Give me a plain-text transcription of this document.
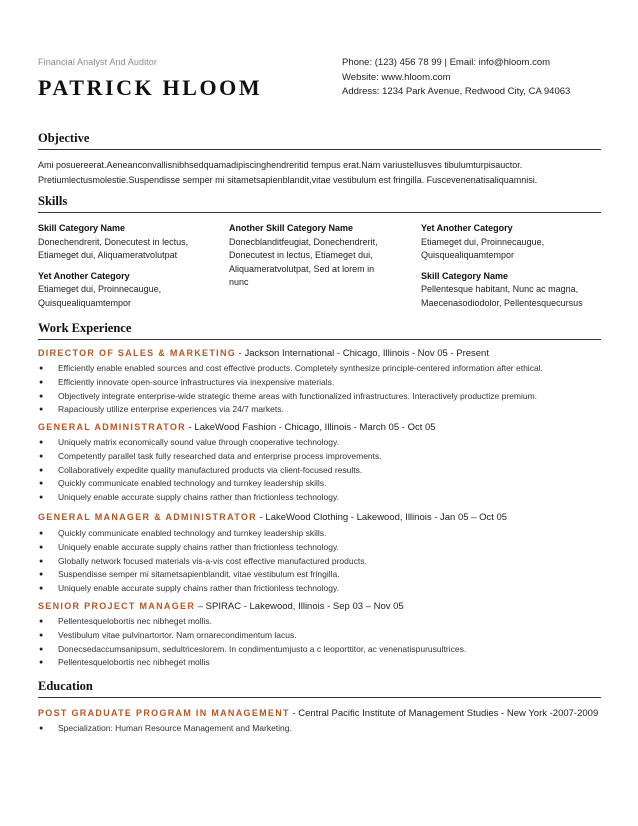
Financial Analyst And Auditor
PATRICK HLOOM
Phone: (123) 456 78 99 | Email: info@hloom.com
Website: www.hloom.com
Address: 1234 Park Avenue, Redwood City, CA 94063
Objective
Ami posuereerat.Aeneanconvallisnibhsedquamadipiscinghendreritid tempus erat.Nam variustellusves tibulumturpisauctor.
Pretiumlectusmolestie.Suspendisse semper mi sitametsapienblandit,vitae vestibulum est fringilla. Fuscevenenatisaliquamnisi.
Skills
Skill Category Name
Donechendrerit, Donecutest in lectus,
Etiameget dui, Aliquameratvolutpat
Yet Another Category
Etiameget dui, Proinnecaugue,
Quisquealiquamtempor
Another Skill Category Name
Donecblanditfeugiat, Donechendrerit,
Donecutest in lectus, Etiameget dui,
Aliquameratvolutpat, Sed at lorem in
nunc
Yet Another Category
Etiameget dui, Proinnecaugue,
Quisquealiquamtempor
Skill Category Name
Pellentesque habitant, Nunc ac magna,
Maecenasodiodolor, Pellentesquecursus
Work Experience
DIRECTOR OF SALES & MARKETING - Jackson International - Chicago, Illinois - Nov 05 - Present
● Efficiently enable enabled sources and cost effective products. Completely synthesize principle-centered information after ethical.
● Efficiently innovate open-source infrastructures via inexpensive materials.
● Objectively integrate enterprise-wide strategic theme areas with functionalized infrastructures. Interactively productize premium.
● Rapaciously utilize enterprise experiences via 24/7 markets.
GENERAL ADMINISTRATOR - LakeWood Fashion - Chicago, Illinois - March 05 - Oct 05
● Uniquely matrix economically sound value through cooperative technology.
● Competently parallel task fully researched data and enterprise process improvements.
● Collaboratively expedite quality manufactured products via client-focused results.
● Quickly communicate enabled technology and turnkey leadership skills.
● Uniquely enable accurate supply chains rather than frictionless technology.
GENERAL MANAGER & ADMINISTRATOR - LakeWood Clothing - Lakewood, Illinois - Jan 05 – Oct 05
● Quickly communicate enabled technology and turnkey leadership skills.
● Uniquely enable accurate supply chains rather than frictionless technology.
● Globally network focused materials vis-a-vis cost effective manufactured products.
● Suspendisse semper mi sitametsapienblandit, vitae vestibulum est fringilla.
● Uniquely enable accurate supply chains rather than frictionless technology.
SENIOR PROJECT MANAGER – SPIRAC - Lakewood, Illinois - Sep 03 – Nov 05
● Pellentesquelobortis nec nibheget mollis.
● Vestibulum vitae pulvinartortor. Nam ornarecondimentum lacus.
● Donecsedaccumsanipsum, sedultriceslorem. In condimentumjusto a c leoporttitor, ac venenatispurusultrices.
● Pellentesquelobortis nec nibheget mollis
Education
POST GRADUATE PROGRAM IN MANAGEMENT - Central Pacific Institute of Management Studies - New York -2007-2009
● Specialization: Human Resource Management and Marketing.
